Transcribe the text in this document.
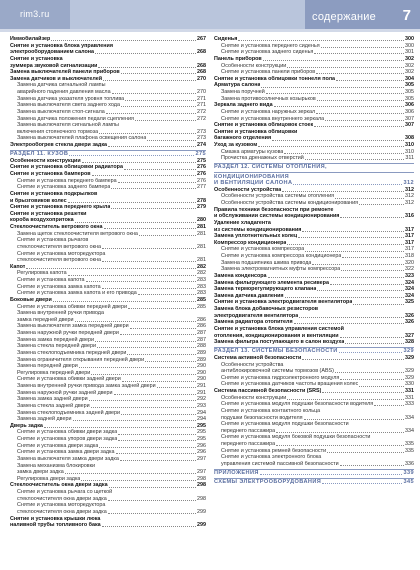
rim3.ru	содержание 7
Иммобилайзер	267
Снятие и установка блока управления
электрооборудованием салона	268
Снятие и установка
зуммера звуковой сигнализации	268
Замена выключателей панели приборов	268
Замена датчиков и выключателей	270
Замена датчика сигнальной лампы
аварийного падения давления масла	270
Замена датчика указателя уровня топлива	271
Замена выключателя света заднего хода	271
Замена выключателя стоп-сигнала	272
Замена датчика положения педали сцепления	272
Замена выключателя сигнальной лампы
включения стояночного тормоза	273
Замена выключателей плафона освещения салона	273
Электрообогрев стекла двери задка	274
РАЗДЕЛ 11. КУЗОВ	275
Особенности конструкции	275
Снятие и установка облицовки радиатора	276
Снятие и установка бамперов	276
Снятие и установка переднего бампера	276
Снятие и установка заднего бампера	277
Снятие и установка подкрылков
и брызговиков колес	278
Снятие и установка переднего крыла	279
Снятие и установка решетки
короба воздухопритока	280
Стеклоочиститель ветрового окна	281
Замена щеток стеклоочистителя ветрового окна	281
Снятие и установка рычагов
стеклоочистителя ветрового окна	281
Снятие и установка моторедуктора
стеклоочистителя ветрового окна	281
Капот	282
Регулировка капота	282
Снятие и установка капота	283
Снятие и установка замка капота	283
Снятие и установка замка капота и его привода	283
Боковые двери	285
Снятие и установка обивки передней двери	285
Замена внутренней ручки привода
замка передней двери	286
Замена выключателя замка передней двери	286
Замена наружной ручки передней двери	287
Замена замка передней двери	287
Замена стекла передней двери	288
Замена стеклоподъемника передней двери	289
Замена ограничителя открывания передней двери	289
Замена передней двери	290
Регулировка передней двери	290
Снятие и установка обивки задней двери	290
Замена внутренней ручки привода замка задней двери	291
Замена наружной ручки задней двери	291
Замена замка задней двери	292
Замена стекла задней двери	293
Замена стеклоподъемника задней двери	294
Замена задней двери	294
Дверь задка	295
Снятие и установка обивки двери задка	295
Снятие и установка упоров двери задка	295
Снятие и установка двери задка	296
Снятие и установка замка двери задка	296
Замена выключателя замка двери задка	297
Замена механизма блокировки
замка двери задка	297
Регулировка двери задка	298
Стеклоочиститель окна двери задка	298
Снятие и установка рычага со щеткой
стеклоочистителя окна двери задка	298
Снятие и установка моторедуктора
стеклоочистителя окна двери задка	299
Снятие и установка крышки люка
наливной трубы топливного бака	299
Сиденья	300
Снятие и установка переднего сиденья	300
Снятие и установка заднего сиденья	301
Панель приборов	302
Особенности конструкции	302
Снятие и установка панели приборов	302
Снятие и установка облицовки тоннеля пола	304
Арматура салона	305
Замена поручней	305
Замена противосолнечных козырьков	305
Зеркала заднего вида	306
Снятие и установка наружных зеркал	306
Снятие и установка внутреннего зеркала	307
Снятие и установка облицовок стоек	307
Снятие и установка облицовки
багажного отделения	308
Уход за кузовом	310
Смазка арматуры кузова	310
Прочистка дренажных отверстий	311
РАЗДЕЛ 12. СИСТЕМЫ ОТОПЛЕНИЯ,
КОНДИЦИОНИРОВАНИЯ
И ВЕНТИЛЯЦИИ САЛОНА	312
Особенности устройства	312
Особенности устройства системы отопления	312
Особенности устройства системы кондиционирования	312
Правила техники безопасности при ремонте
и обслуживании системы кондиционирования	316
Удаление хладагента
из системы кондиционирования	317
Замена уплотнительных колец	317
Компрессор кондиционера	317
Снятие и установка компрессора	317
Снятие и установка компрессора кондиционера	318
Замена подшипника шкива привода	320
Замена электромагнитных муфты компрессора	322
Замена конденсора	323
Замена фильтрующего элемента ресивера	324
Замена терморегулирующего клапана	324
Замена датчика давления	324
Снятие и установка электродвигателя вентилятора	325
Замена блока добавочных резисторов
электродвигателя вентилятора	326
Замена радиатора отопителя	326
Снятие и установка блока управления системой
отопления, кондиционирования и вентиляции	327
Замена фильтра поступающего в салон воздуха	328
РАЗДЕЛ 13. СИСТЕМЫ БЕЗОПАСНОСТИ	329
Система активной безопасности	329
Особенности устройства
антиблокировочной системы тормозов (ABS)	329
Снятие и установка гидроэлектронного модуля	329
Снятие и установка датчиков частоты вращения колес	330
Система пассивной безопасности (SRS)	331
Особенности конструкции	331
Снятие и установка модуля подушки безопасности водителя	333
Снятие и установка контактного кольца
подушки безопасности водителя	334
Снятие и установка модуля подушки безопасности
переднего пассажира	334
Снятие и установка модуля боковой подушки безопасности
переднего пассажира	335
Снятие и установка ремней безопасности	335
Снятие и установка электронного блока
управления системой пассивной безопасности	336
ПРИЛОЖЕНИЯ	339
СХЕМЫ ЭЛЕКТРООБОРУДОВАНИЯ	345
